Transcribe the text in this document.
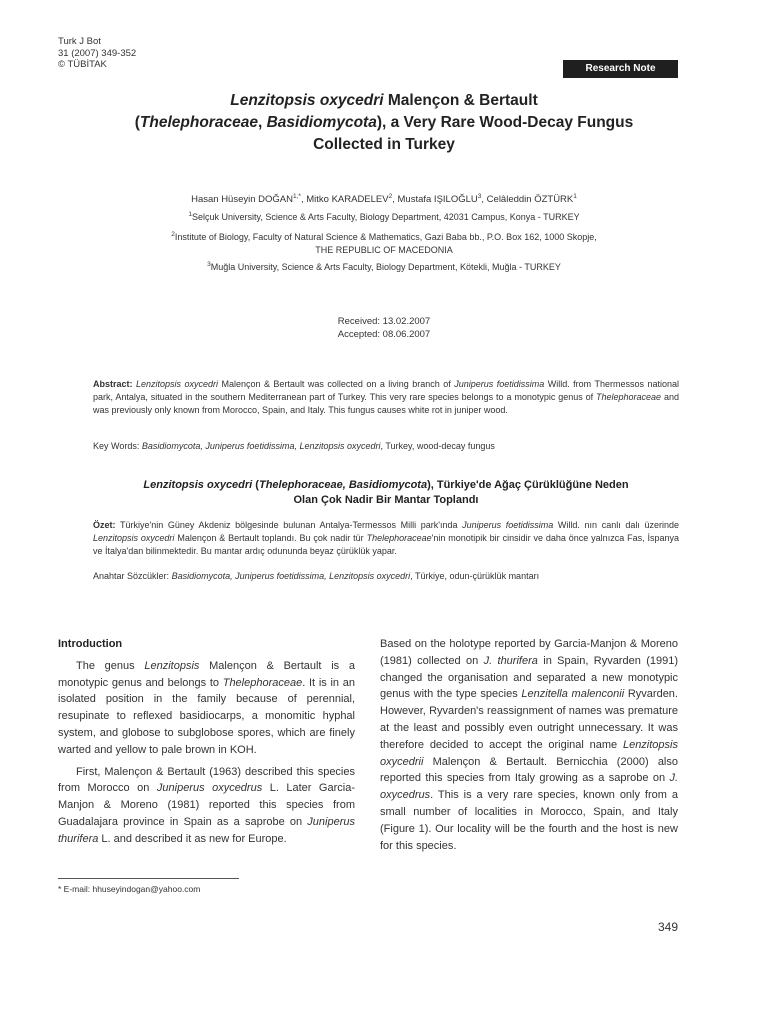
Turk J Bot
31 (2007) 349-352
© TÜBİTAK	Research Note
Lenzitopsis oxycedri Malençon & Bertault
(Thelephoraceae, Basidiomycota), a Very Rare Wood-Decay Fungus
Collected in Turkey
Hasan Hüseyin $DOĞAN^{1,*}$, Mitko KARADELEV$^2$, Mustafa IŞILOĞLU$^3$, Celâleddin ÖZTÜRK$^1$
$^1$Selçuk University, Science & Arts Faculty, Biology Department, 42031 Campus, Konya - TURKEY
$^2$Institute of Biology, Faculty of Natural Science & Mathematics, Gazi Baba bb., P.O. Box 162, 1000 Skopje,
THE REPUBLIC OF MACEDONIA
$^3$Muğla University, Science & Arts Faculty, Biology Department, Kötekli, Muğla - TURKEY
Received: 13.02.2007
Accepted: 08.06.2007
Abstract: Lenzitopsis oxycedri Malençon & Bertault was collected on a living branch of Juniperus foetidissima Willd. from Thermessos national park, Antalya, situated in the southern Mediterranean part of Turkey. This very rare species belongs to a monotypic genus of Thelephoraceae and was previously only known from Morocco, Spain, and Italy. This fungus causes white rot in juniper wood.
Key Words: Basidiomycota, Juniperus foetidissima, Lenzitopsis oxycedri, Turkey, wood-decay fungus
Lenzitopsis oxycedri (Thelephoraceae, Basidiomycota), Türkiye'de Ağaç Çürüklüğüne Neden
Olan Çok Nadir Bir Mantar Toplandı
Özet: Türkiye'nin Güney Akdeniz bölgesinde bulunan Antalya-Termessos Milli park'ında Juniperus foetidissima Willd. nın canlı dalı üzerinde Lenzitopsis oxycedri Malençon & Bertault toplandı. Bu çok nadir tür Thelephoraceae'nin monotipik bir cinsidir ve daha önce yalnızca Fas, İspanya ve İtalya'dan bilinmektedir. Bu mantar ardıç odununda beyaz çürüklük yapar.
Anahtar Sözcükler: Basidiomycota, Juniperus foetidissima, Lenzitopsis oxycedri, Türkiye, odun-çürüklük mantarı

Introduction

The genus Lenzitopsis Malençon & Bertault is a monotypic genus and belongs to Thelephoraceae. It is in an isolated position in the family because of perennial, resupinate to reflexed basidiocarps, a monomitic hyphal system, and globose to subglobose spores, which are finely warted and yellow to pale brown in KOH.

First, Malençon & Bertault (1963) described this species from Morocco on Juniperus oxycedrus L. Later Garcia-Manjon & Moreno (1981) reported this species from Guadalajara province in Spain as a saprobe on Juniperus thurifera L. and described it as new for Europe.

Based on the holotype reported by Garcia-Manjon & Moreno (1981) collected on J. thurifera in Spain, Ryvarden (1991) changed the organisation and separated a new monotypic genus with the type species Lenzitella malenconii Ryvarden. However, Ryvarden's reassignment of names was premature at the least and possibly even outright unnecessary. It was therefore decided to accept the original name Lenzitopsis oxycedrii Malençon & Bertault. Bernicchia (2000) also reported this species from Italy growing as a saprobe on J. oxycedrus. This is a very rare species, known only from a small number of localities in Morocco, Spain, and Italy (Figure 1). Our locality will be the fourth and the host is new for this species.

* E-mail: hhuseyindogan@yahoo.com
349
